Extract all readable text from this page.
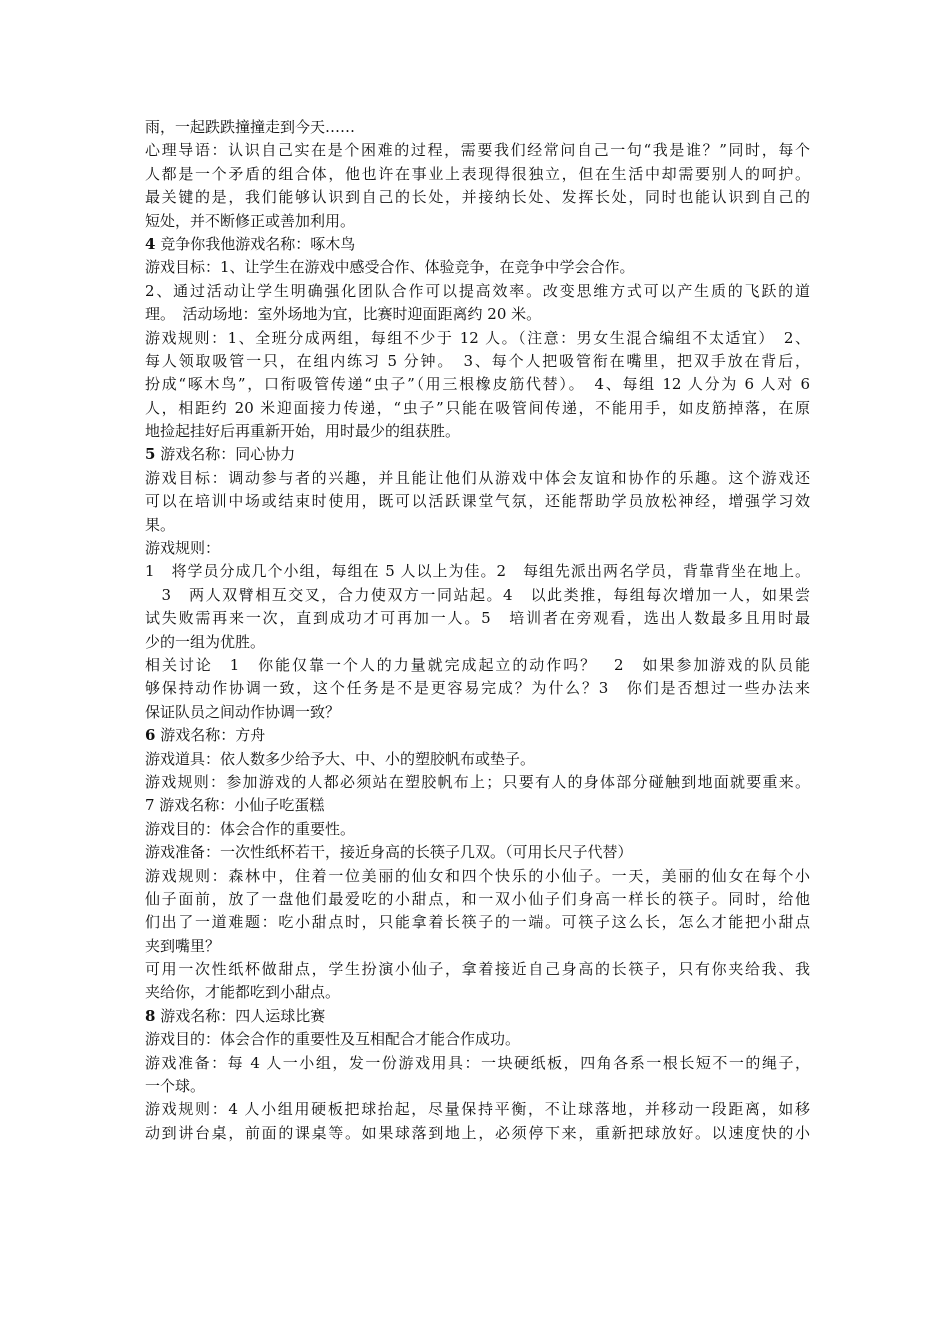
雨，一起跌跌撞撞走到今天……
心理导语：认识自己实在是个困难的过程，需要我们经常问自己一句“我是谁？”同时，每个
人都是一个矛盾的组合体，他也许在事业上表现得很独立，但在生活中却需要别人的呵护。
最关键的是，我们能够认识到自己的长处，并接纳长处、发挥长处，同时也能认识到自己的
短处，并不断修正或善加利用。
4 竞争你我他游戏名称：啄木鸟
游戏目标：1、让学生在游戏中感受合作、体验竞争，在竞争中学会合作。
2、通过活动让学生明确强化团队合作可以提高效率。改变思维方式可以产生质的飞跃的道
理。　活动场地：室外场地为宜，比赛时迎面距离约 20 米。
游戏规则：1、全班分成两组，每组不少于 12 人。（注意：男女生混合编组不太适宜）　2、
每人领取吸管一只，在组内练习 5 分钟。　3、每个人把吸管衔在嘴里，把双手放在背后，
扮成“啄木鸟”，口衔吸管传递“虫子”（用三根橡皮筋代替）。　4、每组 12 人分为 6 人对 6
人，相距约 20 米迎面接力传递，“虫子”只能在吸管间传递，不能用手，如皮筋掉落，在原
地捡起挂好后再重新开始，用时最少的组获胜。
5 游戏名称：同心协力
游戏目标：调动参与者的兴趣，并且能让他们从游戏中体会友谊和协作的乐趣。这个游戏还
可以在培训中场或结束时使用，既可以活跃课堂气氛，还能帮助学员放松神经，增强学习效
果。
游戏规则：
1　将学员分成几个小组，每组在 5 人以上为佳。2　每组先派出两名学员，背靠背坐在地上。
　3　两人双臂相互交叉，合力使双方一同站起。4　以此类推，每组每次增加一人，如果尝
试失败需再来一次，直到成功才可再加一人。5　培训者在旁观看，选出人数最多且用时最
少的一组为优胜。
相关讨论　1　你能仅靠一个人的力量就完成起立的动作吗？　2　如果参加游戏的队员能
够保持动作协调一致，这个任务是不是更容易完成？为什么？3　你们是否想过一些办法来
保证队员之间动作协调一致？
6 游戏名称：方舟
游戏道具：依人数多少给予大、中、小的塑胶帆布或垫子。
游戏规则：参加游戏的人都必须站在塑胶帆布上；只要有人的身体部分碰触到地面就要重来。
7 游戏名称：小仙子吃蛋糕
游戏目的：体会合作的重要性。
游戏准备：一次性纸杯若干，接近身高的长筷子几双。（可用长尺子代替）
游戏规则：森林中，住着一位美丽的仙女和四个快乐的小仙子。一天，美丽的仙女在每个小
仙子面前，放了一盘他们最爱吃的小甜点，和一双小仙子们身高一样长的筷子。同时，给他
们出了一道难题：吃小甜点时，只能拿着长筷子的一端。可筷子这么长，怎么才能把小甜点
夹到嘴里？
可用一次性纸杯做甜点，学生扮演小仙子，拿着接近自己身高的长筷子，只有你夹给我、我
夹给你，才能都吃到小甜点。
8 游戏名称：四人运球比赛
游戏目的：体会合作的重要性及互相配合才能合作成功。
游戏准备：每 4 人一小组，发一份游戏用具：一块硬纸板，四角各系一根长短不一的绳子，
一个球。
游戏规则：4 人小组用硬板把球抬起，尽量保持平衡，不让球落地，并移动一段距离，如移
动到讲台桌，前面的课桌等。如果球落到地上，必须停下来，重新把球放好。以速度快的小
